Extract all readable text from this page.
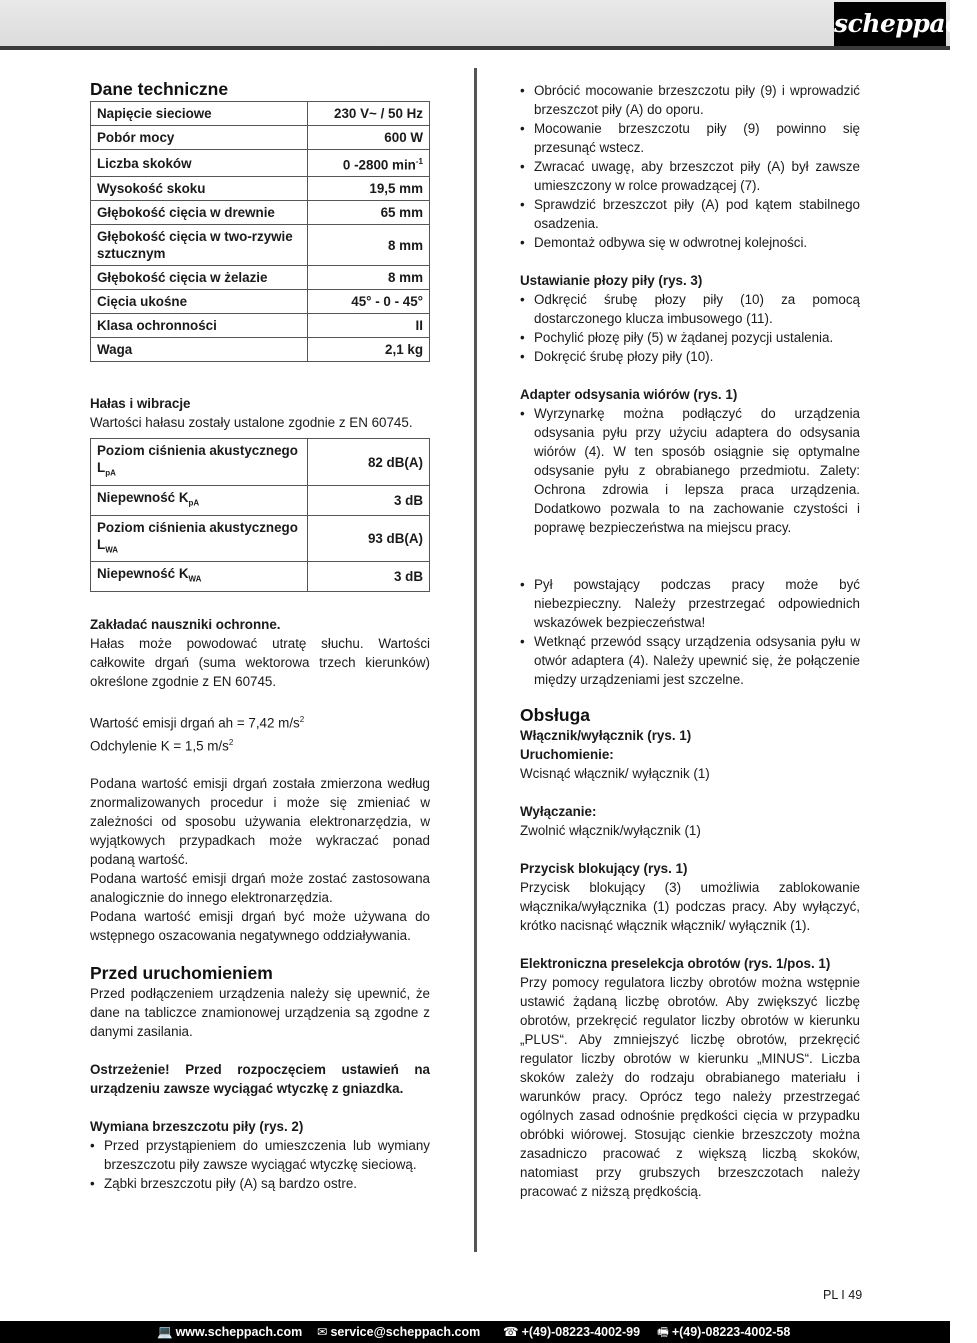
scheppach
Dane techniczne
Napięcie sieciowe	230 V~ / 50 Hz
Pobór mocy	600 W
Liczba skoków	0 -2800 $\min^{-1}$
Wysokość skoku	19,5 mm
Głębokość cięcia w drewnie	65 mm
Głębokość cięcia w two-rzywie sztucznym	8 mm
Głębokość cięcia w żelazie	8 mm
Cięcia ukośne	45° - 0 - 45°
Klasa ochronności	II
Waga	2,1 kg
Hałas i wibracje

Wartości hałasu zostały ustalone zgodnie z EN 60745.

Poziom ciśnienia akustycznego $L_{pA}$	82 dB(A)
Niepewność $K_{pA}$	3 dB
Poziom ciśnienia akustycznego $L_{WA}$	93 dB(A)
Niepewność $K_{WA}$	3 dB
Zakładać nauszniki ochronne.

Hałas może powodować utratę słuchu. Wartości całkowite drgań (suma wektorowa trzech kierunków) określone zgodnie z EN 60745.

Wartość emisji drgań ah = 7,42 $m/s^2$

Odchylenie K = 1,5 $m/s^2$

Podana wartość emisji drgań została zmierzona według znormalizowanych procedur i może się zmieniać w zależności od sposobu używania elektronarzędzia, w wyjątkowych przypadkach może wykraczać ponad podaną wartość.

Podana wartość emisji drgań może zostać zastosowana analogicznie do innego elektronarzędzia.

Podana wartość emisji drgań być może używana do wstępnego oszacowania negatywnego oddziaływania.

Przed uruchomieniem

Przed podłączeniem urządzenia należy się upewnić, że dane na tabliczce znamionowej urządzenia są zgodne z danymi zasilania.

Ostrzeżenie! Przed rozpoczęciem ustawień na urządzeniu zawsze wyciągać wtyczkę z gniazdka.

Wymiana brzeszczotu piły (rys. 2)
• Przed przystąpieniem do umieszczenia lub wymiany brzeszczotu piły zawsze wyciągać wtyczkę sieciową.
• Ząbki brzeszczotu piły (A) są bardzo ostre.
• Obrócić mocowanie brzeszczotu piły (9) i wprowadzić brzeszczot piły (A) do oporu.
• Mocowanie brzeszczotu piły (9) powinno się przesunąć wstecz.
• Zwracać uwagę, aby brzeszczot piły (A) był zawsze umieszczony w rolce prowadzącej (7).
• Sprawdzić brzeszczot piły (A) pod kątem stabilnego osadzenia.
• Demontaż odbywa się w odwrotnej kolejności.
Ustawianie płozy piły (rys. 3)
• Odkręcić śrubę płozy piły (10) za pomocą dostarczonego klucza imbusowego (11).
• Pochylić płozę piły (5) w żądanej pozycji ustalenia.
• Dokręcić śrubę płozy piły (10).
Adapter odsysania wiórów (rys. 1)
• Wyrzynarkę można podłączyć do urządzenia odsysania pyłu przy użyciu adaptera do odsysania wiórów (4). W ten sposób osiągnie się optymalne odsysanie pyłu z obrabianego przedmiotu. Zalety: Ochrona zdrowia i lepsza praca urządzenia. Dodatkowo pozwala to na zachowanie czystości i poprawę bezpieczeństwa na miejscu pracy.
• Pył powstający podczas pracy może być niebezpieczny. Należy przestrzegać odpowiednich wskazówek bezpieczeństwa!
• Wetknąć przewód ssący urządzenia odsysania pyłu w otwór adaptera (4). Należy upewnić się, że połączenie między urządzeniami jest szczelne.
Obsługa
Włącznik/wyłącznik (rys. 1)
Uruchomienie:

Wcisnąć włącznik/ wyłącznik (1)

Wyłączanie:

Zwolnić włącznik/wyłącznik (1)

Przycisk blokujący (rys. 1)

Przycisk blokujący (3) umożliwia zablokowanie włącznika/wyłącznika (1) podczas pracy. Aby wyłączyć, krótko nacisnąć włącznik włącznik/ wyłącznik (1).

Elektroniczna preselekcja obrotów (rys. 1/pos. 1)

Przy pomocy regulatora liczby obrotów można wstępnie ustawić żądaną liczbę obrotów. Aby zwiększyć liczbę obrotów, przekręcić regulator liczby obrotów w kierunku „PLUS“. Aby zmniejszyć liczbę obrotów, przekręcić regulator liczby obrotów w kierunku „MINUS“. Liczba skoków zależy do rodzaju obrabianego materiału i warunków pracy. Oprócz tego należy przestrzegać ogólnych zasad odnośnie prędkości cięcia w przypadku obróbki wiórowej. Stosując cienkie brzeszczoty można zasadniczo pracować z większą liczbą skoków, natomiast przy grubszych brzeszczotach należy pracować z niższą prędkością.

PL I 49
💻 www.scheppach.com ✉ service@scheppach.com ☎ +(49)-08223-4002-99 🖷 +(49)-08223-4002-58
